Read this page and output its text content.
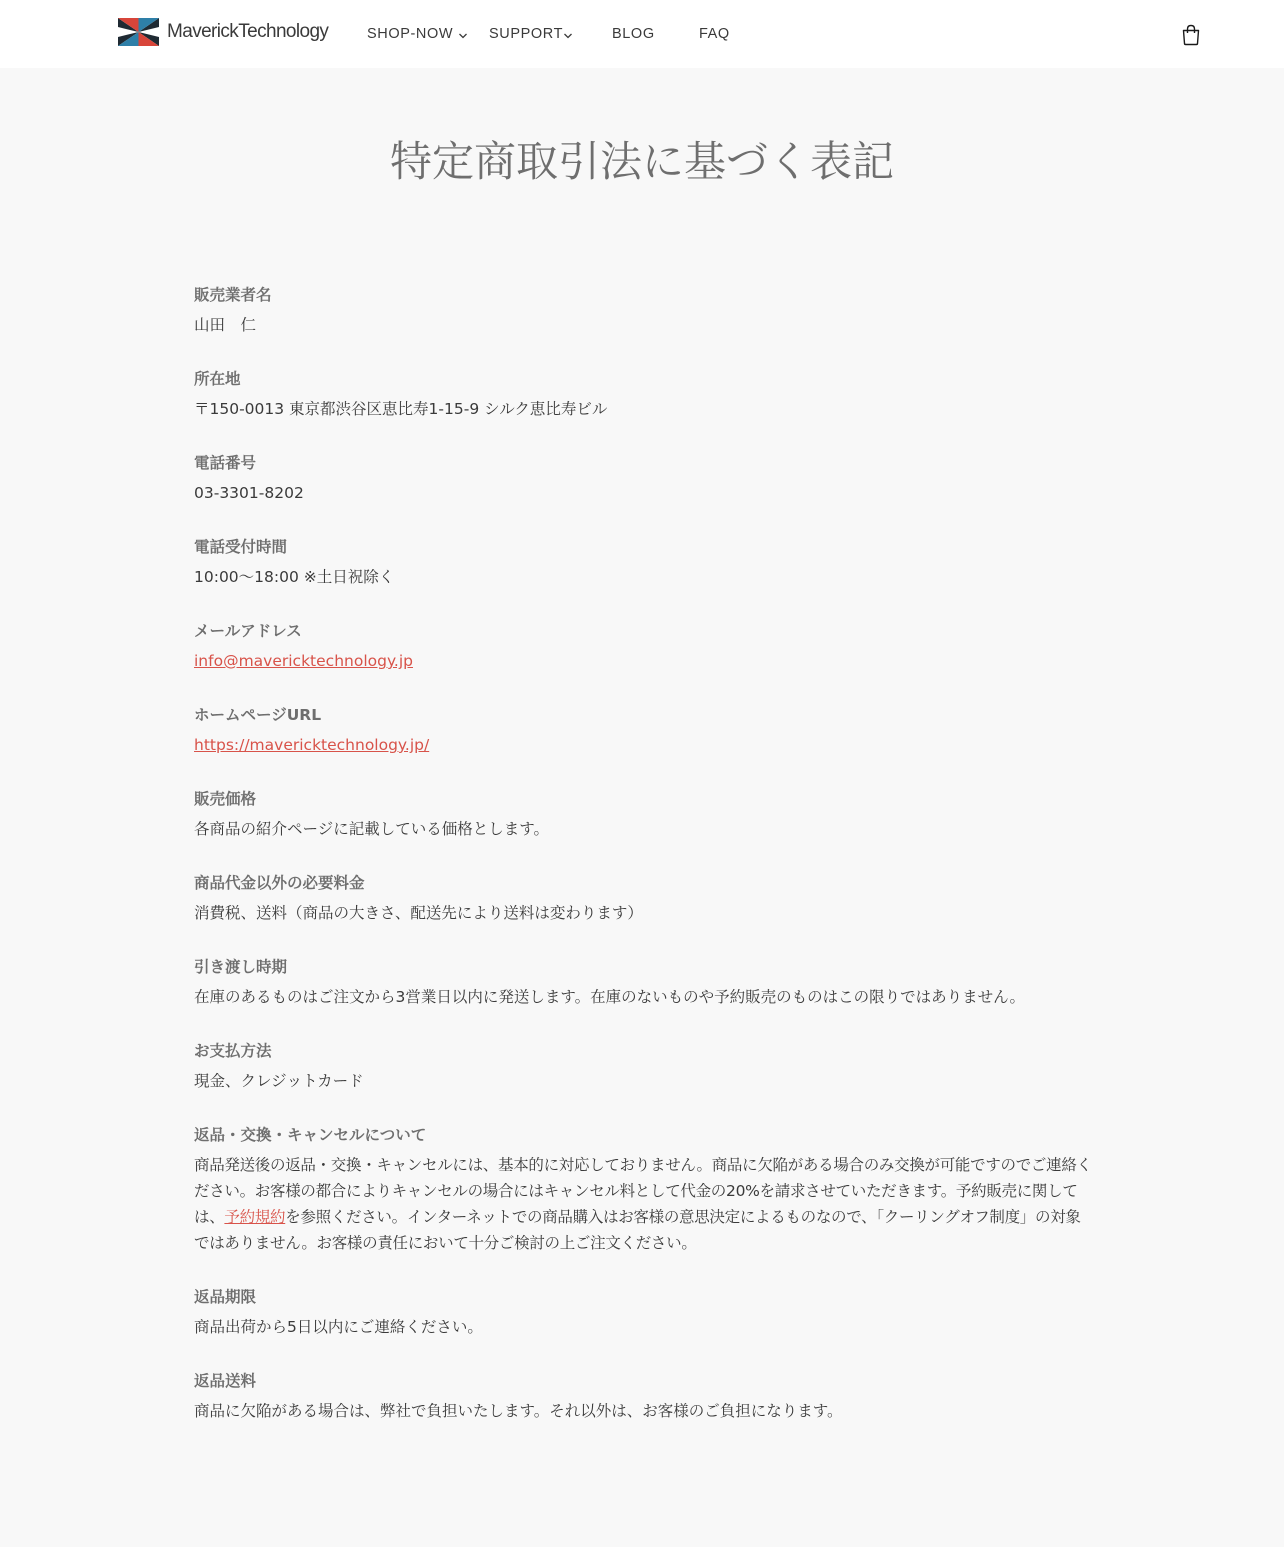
MaverickTechnology	SHOP-NOW SUPPORT	BLOG	FAQ
特定商取引法に基づく表記
販売業者名
山田　仁
所在地
〒150-0013 東京都渋谷区恵比寿1-15-9 シルク恵比寿ビル
電話番号
03-3301-8202
電話受付時間
10:00〜18:00 ※土日祝除く
メールアドレス
info@mavericktechnology.jp
ホームページURL
https://mavericktechnology.jp/
販売価格
各商品の紹介ページに記載している価格とします。
商品代金以外の必要料金
消費税、送料（商品の大きさ、配送先により送料は変わります）
引き渡し時期
在庫のあるものはご注文から3営業日以内に発送します。在庫のないものや予約販売のものはこの限りではありません。
お支払方法
現金、クレジットカード
返品・交換・キャンセルについて
商品発送後の返品・交換・キャンセルには、基本的に対応しておりません。商品に欠陥がある場合のみ交換が可能ですのでご連絡ください。お客様の都合によりキャンセルの場合にはキャンセル料として代金の20%を請求させていただきます。予約販売に関しては、予約規約を参照ください。インターネットでの商品購入はお客様の意思決定によるものなので、「クーリングオフ制度」の対象ではありません。お客様の責任において十分ご検討の上ご注文ください。
返品期限
商品出荷から5日以内にご連絡ください。
返品送料
商品に欠陥がある場合は、弊社で負担いたします。それ以外は、お客様のご負担になります。
